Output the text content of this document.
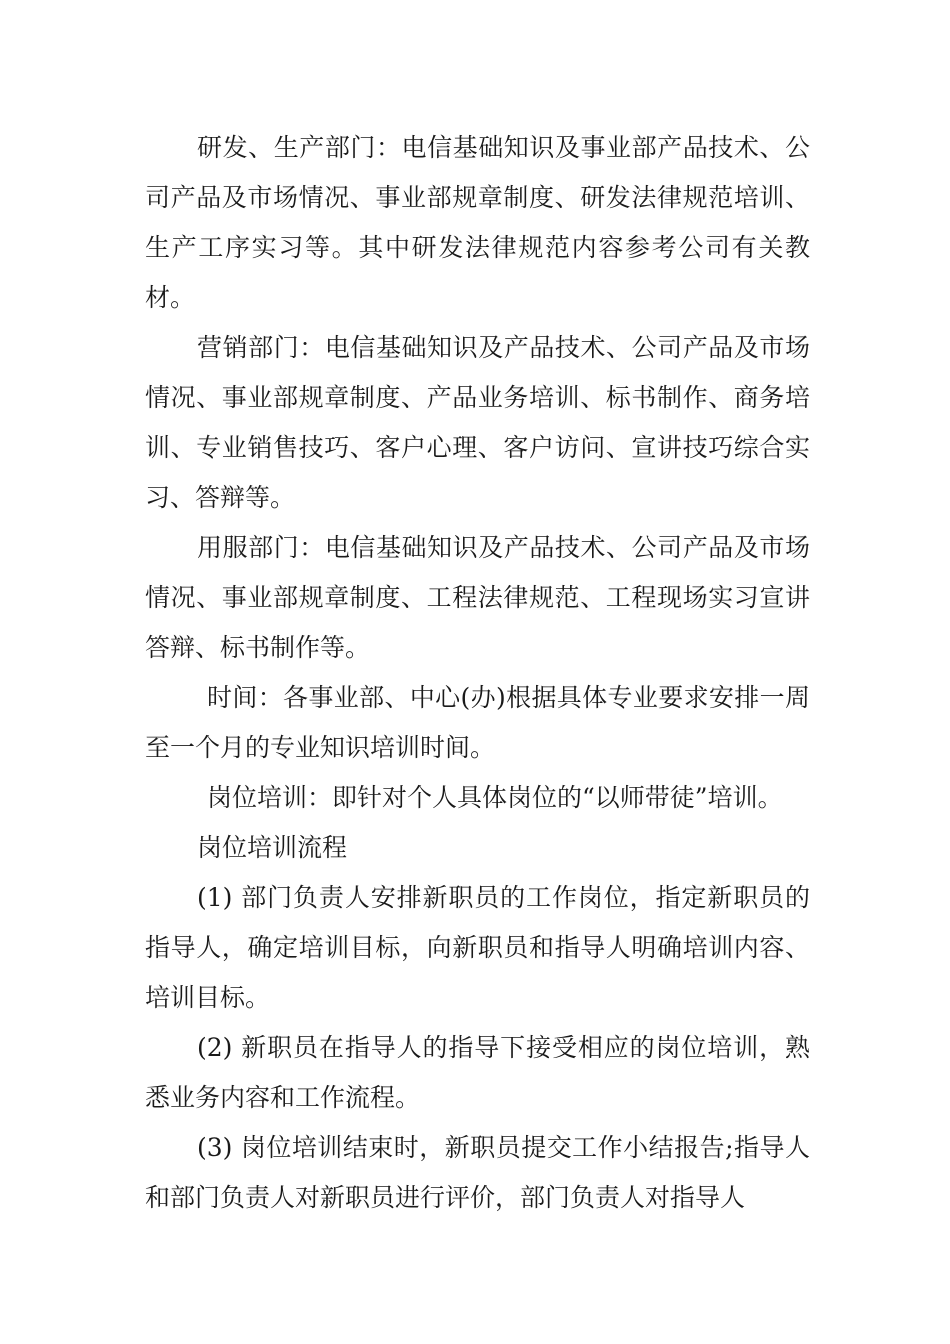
研发、生产部门：电信基础知识及事业部产品技术、公司产品及市场情况、事业部规章制度、研发法律规范培训、生产工序实习等。其中研发法律规范内容参考公司有关教材。

营销部门：电信基础知识及产品技术、公司产品及市场情况、事业部规章制度、产品业务培训、标书制作、商务培训、专业销售技巧、客户心理、客户访问、宣讲技巧综合实习、答辩等。

用服部门：电信基础知识及产品技术、公司产品及市场情况、事业部规章制度、工程法律规范、工程现场实习宣讲答辩、标书制作等。

时间：各事业部、中心(办)根据具体专业要求安排一周至一个月的专业知识培训时间。

岗位培训：即针对个人具体岗位的“以师带徒”培训。

岗位培训流程

(1) 部门负责人安排新职员的工作岗位，指定新职员的指导人，确定培训目标，向新职员和指导人明确培训内容、培训目标。

(2) 新职员在指导人的指导下接受相应的岗位培训，熟悉业务内容和工作流程。

(3) 岗位培训结束时，新职员提交工作小结报告;指导人和部门负责人对新职员进行评价，部门负责人对指导人
